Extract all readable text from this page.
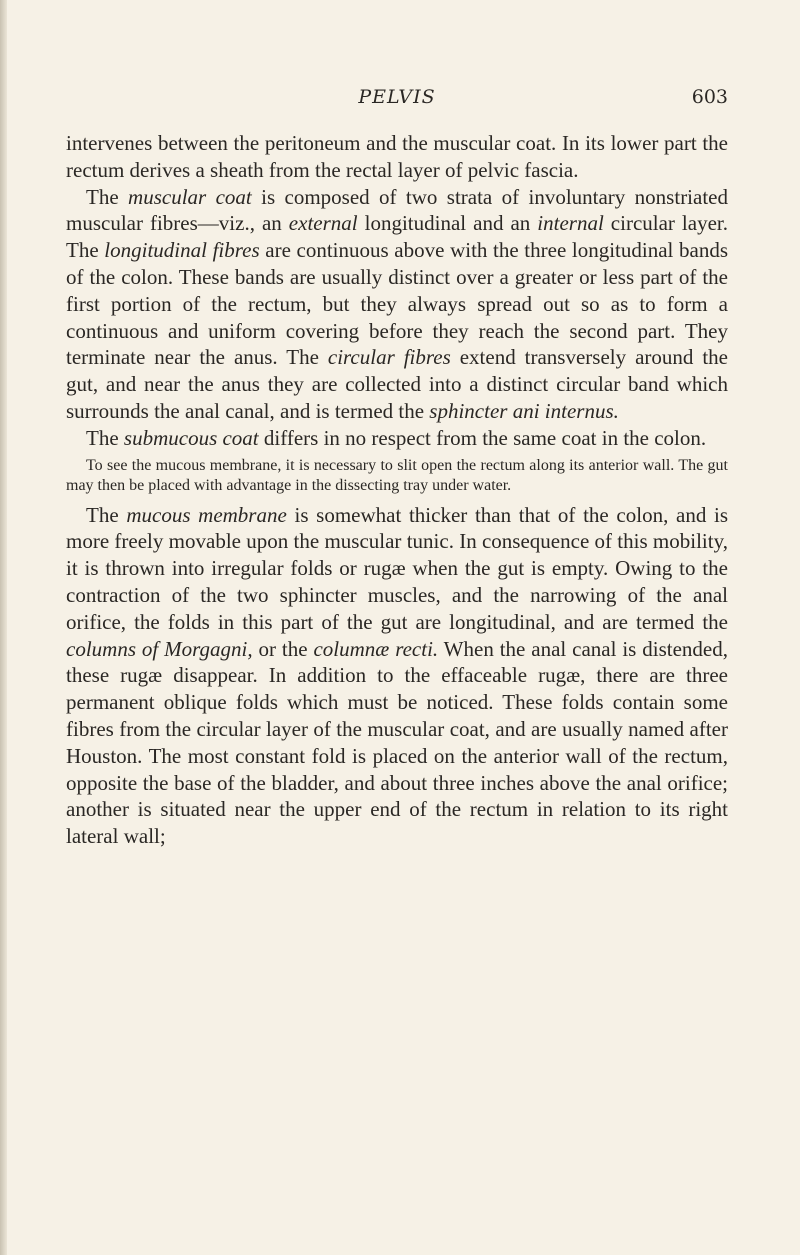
PELVIS	603

intervenes between the peritoneum and the muscular coat. In its lower part the rectum derives a sheath from the rectal layer of pelvic fascia.

The muscular coat is composed of two strata of involuntary nonstriated muscular fibres—viz., an external longitudinal and an internal circular layer. The longitudinal fibres are continuous above with the three longitudinal bands of the colon. These bands are usually distinct over a greater or less part of the first portion of the rectum, but they always spread out so as to form a continuous and uniform covering before they reach the second part. They terminate near the anus. The circular fibres extend transversely around the gut, and near the anus they are collected into a distinct circular band which surrounds the anal canal, and is termed the sphincter ani internus.

The submucous coat differs in no respect from the same coat in the colon.

To see the mucous membrane, it is necessary to slit open the rectum along its anterior wall. The gut may then be placed with advantage in the dissecting tray under water.

The mucous membrane is somewhat thicker than that of the colon, and is more freely movable upon the muscular tunic. In consequence of this mobility, it is thrown into irregular folds or rugæ when the gut is empty. Owing to the contraction of the two sphincter muscles, and the narrowing of the anal orifice, the folds in this part of the gut are longitudinal, and are termed the columns of Morgagni, or the columnæ recti. When the anal canal is distended, these rugæ disappear. In addition to the effaceable rugæ, there are three permanent oblique folds which must be noticed. These folds contain some fibres from the circular layer of the muscular coat, and are usually named after Houston. The most constant fold is placed on the anterior wall of the rectum, opposite the base of the bladder, and about three inches above the anal orifice; another is situated near the upper end of the rectum in relation to its right lateral wall;
